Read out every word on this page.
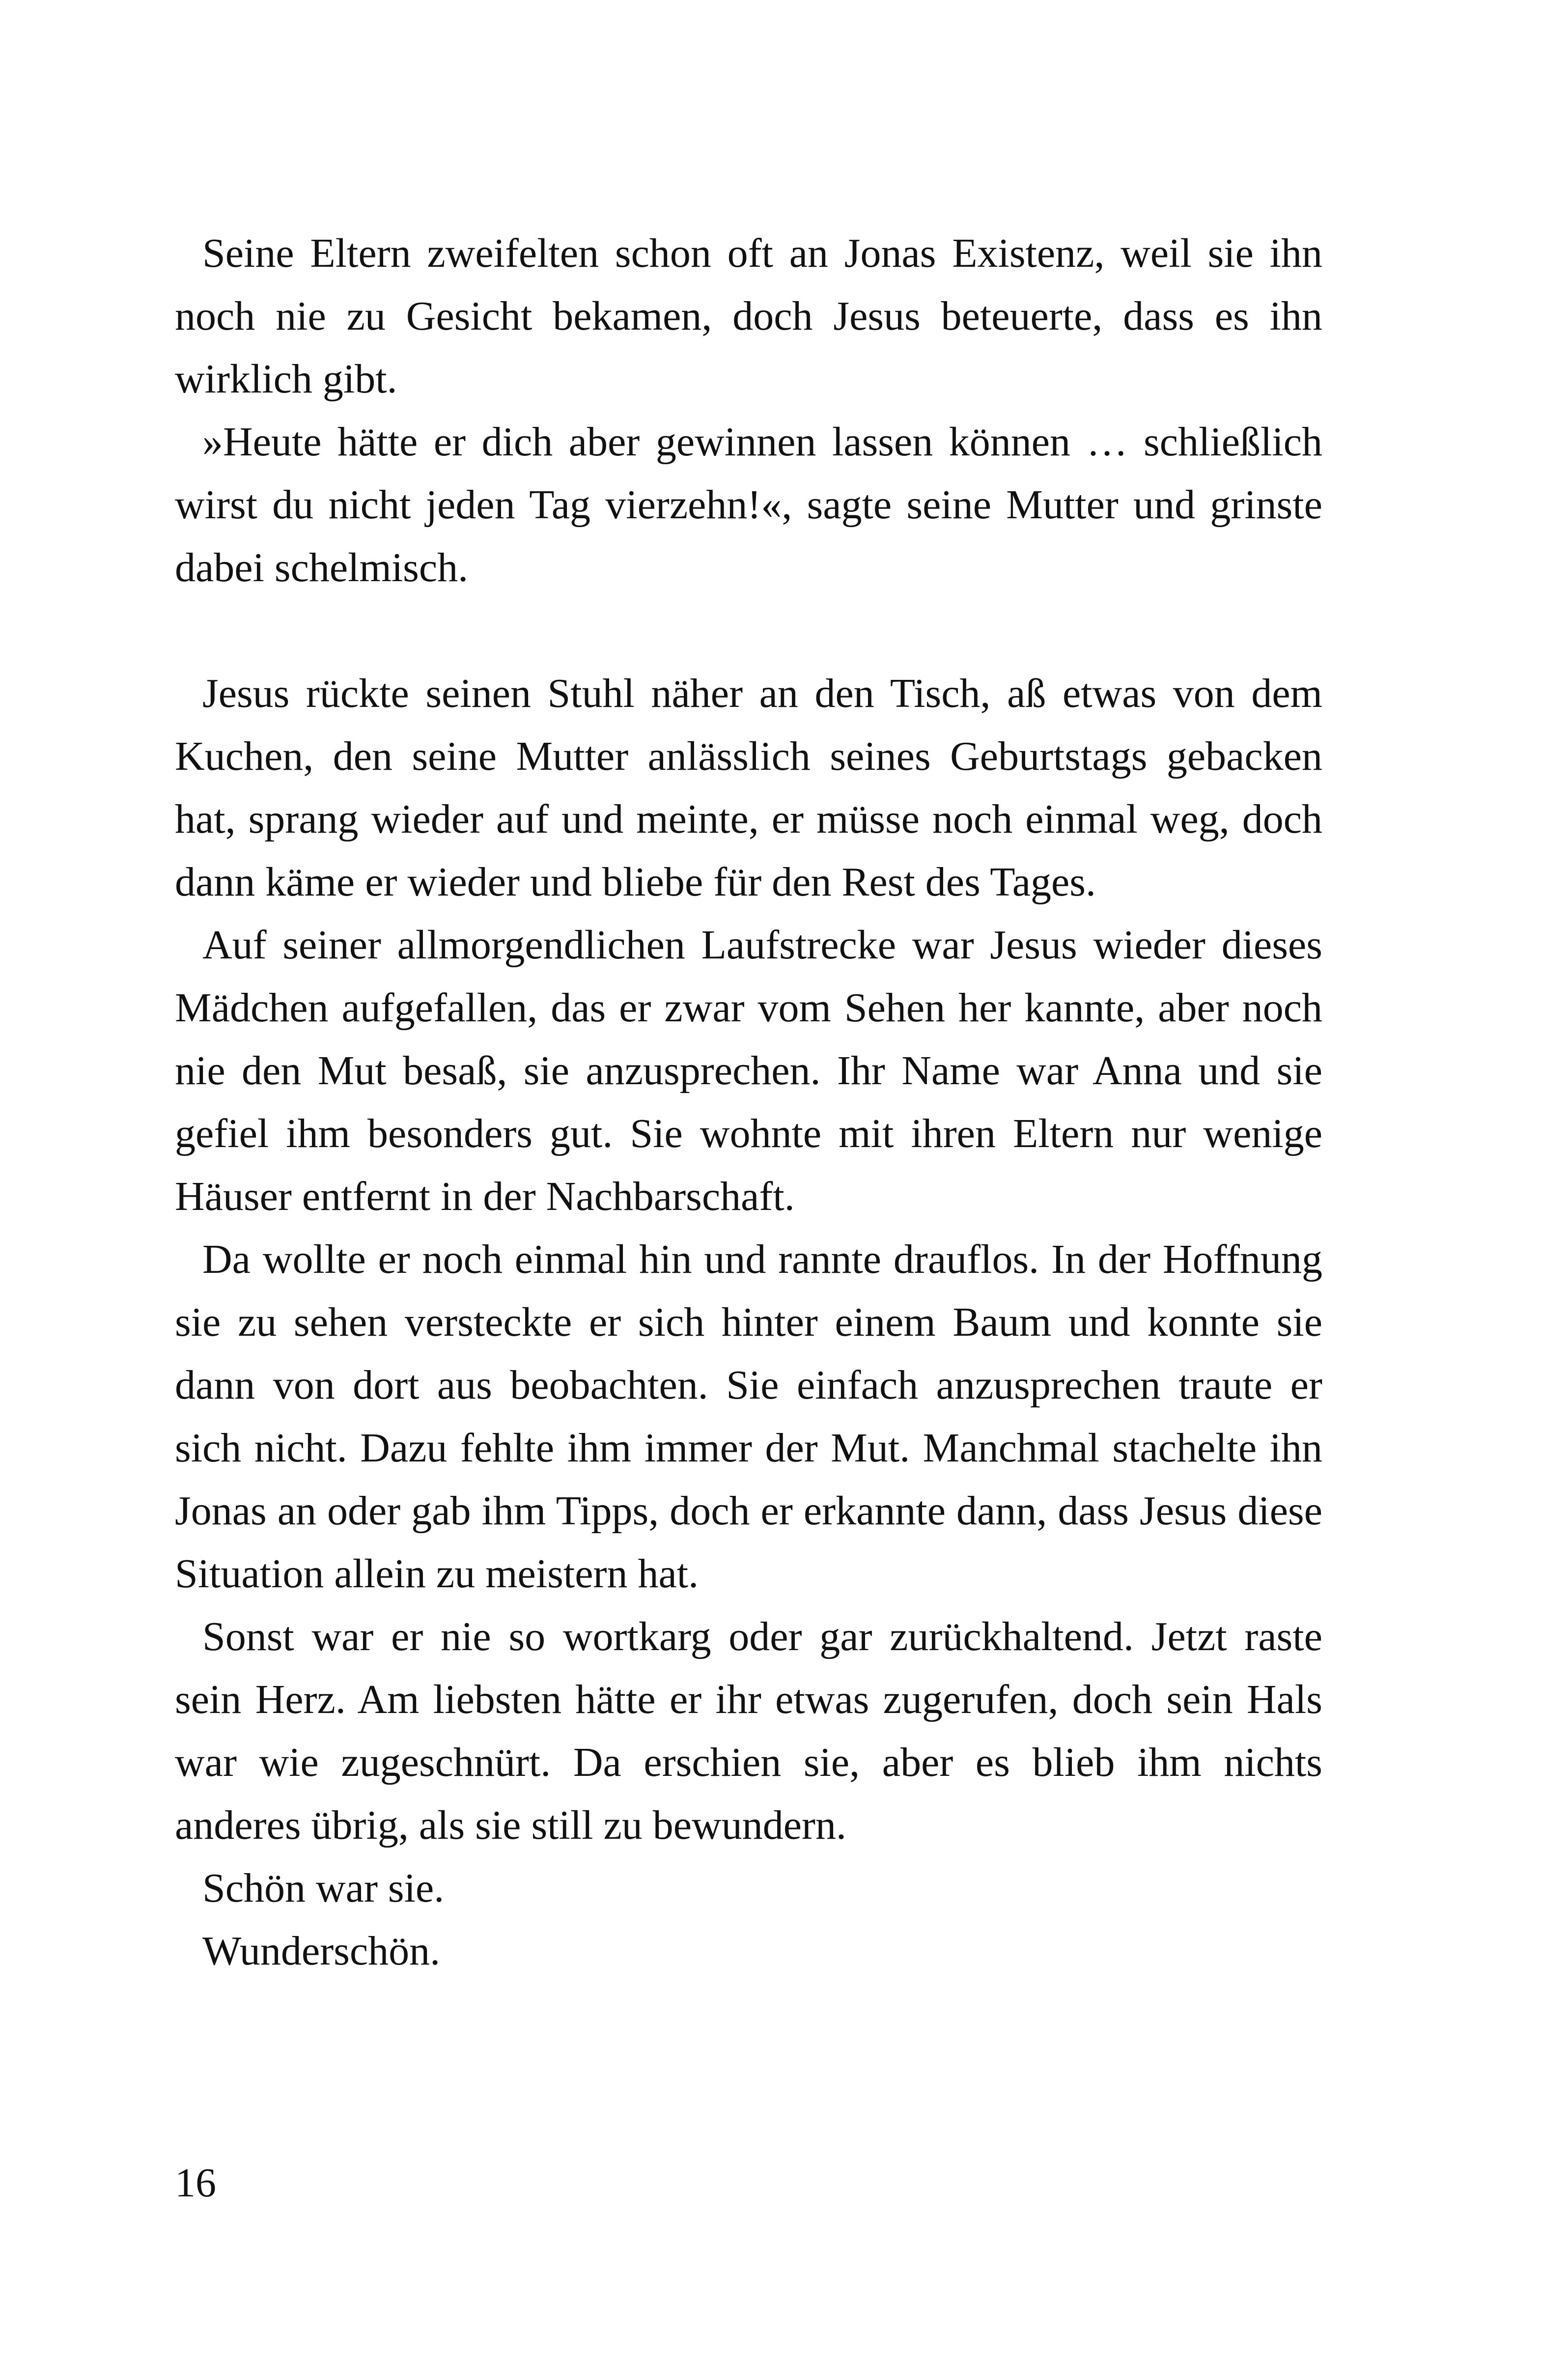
Seine Eltern zweifelten schon oft an Jonas Existenz, weil sie ihn noch nie zu Gesicht bekamen, doch Jesus beteuerte, dass es ihn wirklich gibt.

»Heute hätte er dich aber gewinnen lassen können … schließlich wirst du nicht jeden Tag vierzehn!«, sagte seine Mutter und grinste dabei schelmisch.

Jesus rückte seinen Stuhl näher an den Tisch, aß etwas von dem Kuchen, den seine Mutter anlässlich seines Geburtstags gebacken hat, sprang wieder auf und meinte, er müsse noch einmal weg, doch dann käme er wieder und bliebe für den Rest des Tages.

Auf seiner allmorgendlichen Laufstrecke war Jesus wieder dieses Mädchen aufgefallen, das er zwar vom Sehen her kannte, aber noch nie den Mut besaß, sie anzusprechen. Ihr Name war Anna und sie gefiel ihm besonders gut. Sie wohnte mit ihren Eltern nur wenige Häuser entfernt in der Nachbarschaft.

Da wollte er noch einmal hin und rannte drauflos. In der Hoffnung sie zu sehen versteckte er sich hinter einem Baum und konnte sie dann von dort aus beobachten. Sie einfach anzusprechen traute er sich nicht. Dazu fehlte ihm immer der Mut. Manchmal stachelte ihn Jonas an oder gab ihm Tipps, doch er erkannte dann, dass Jesus diese Situation allein zu meistern hat.

Sonst war er nie so wortkarg oder gar zurückhaltend. Jetzt raste sein Herz. Am liebsten hätte er ihr etwas zugerufen, doch sein Hals war wie zugeschnürt. Da erschien sie, aber es blieb ihm nichts anderes übrig, als sie still zu bewundern.

Schön war sie.

Wunderschön.

16
